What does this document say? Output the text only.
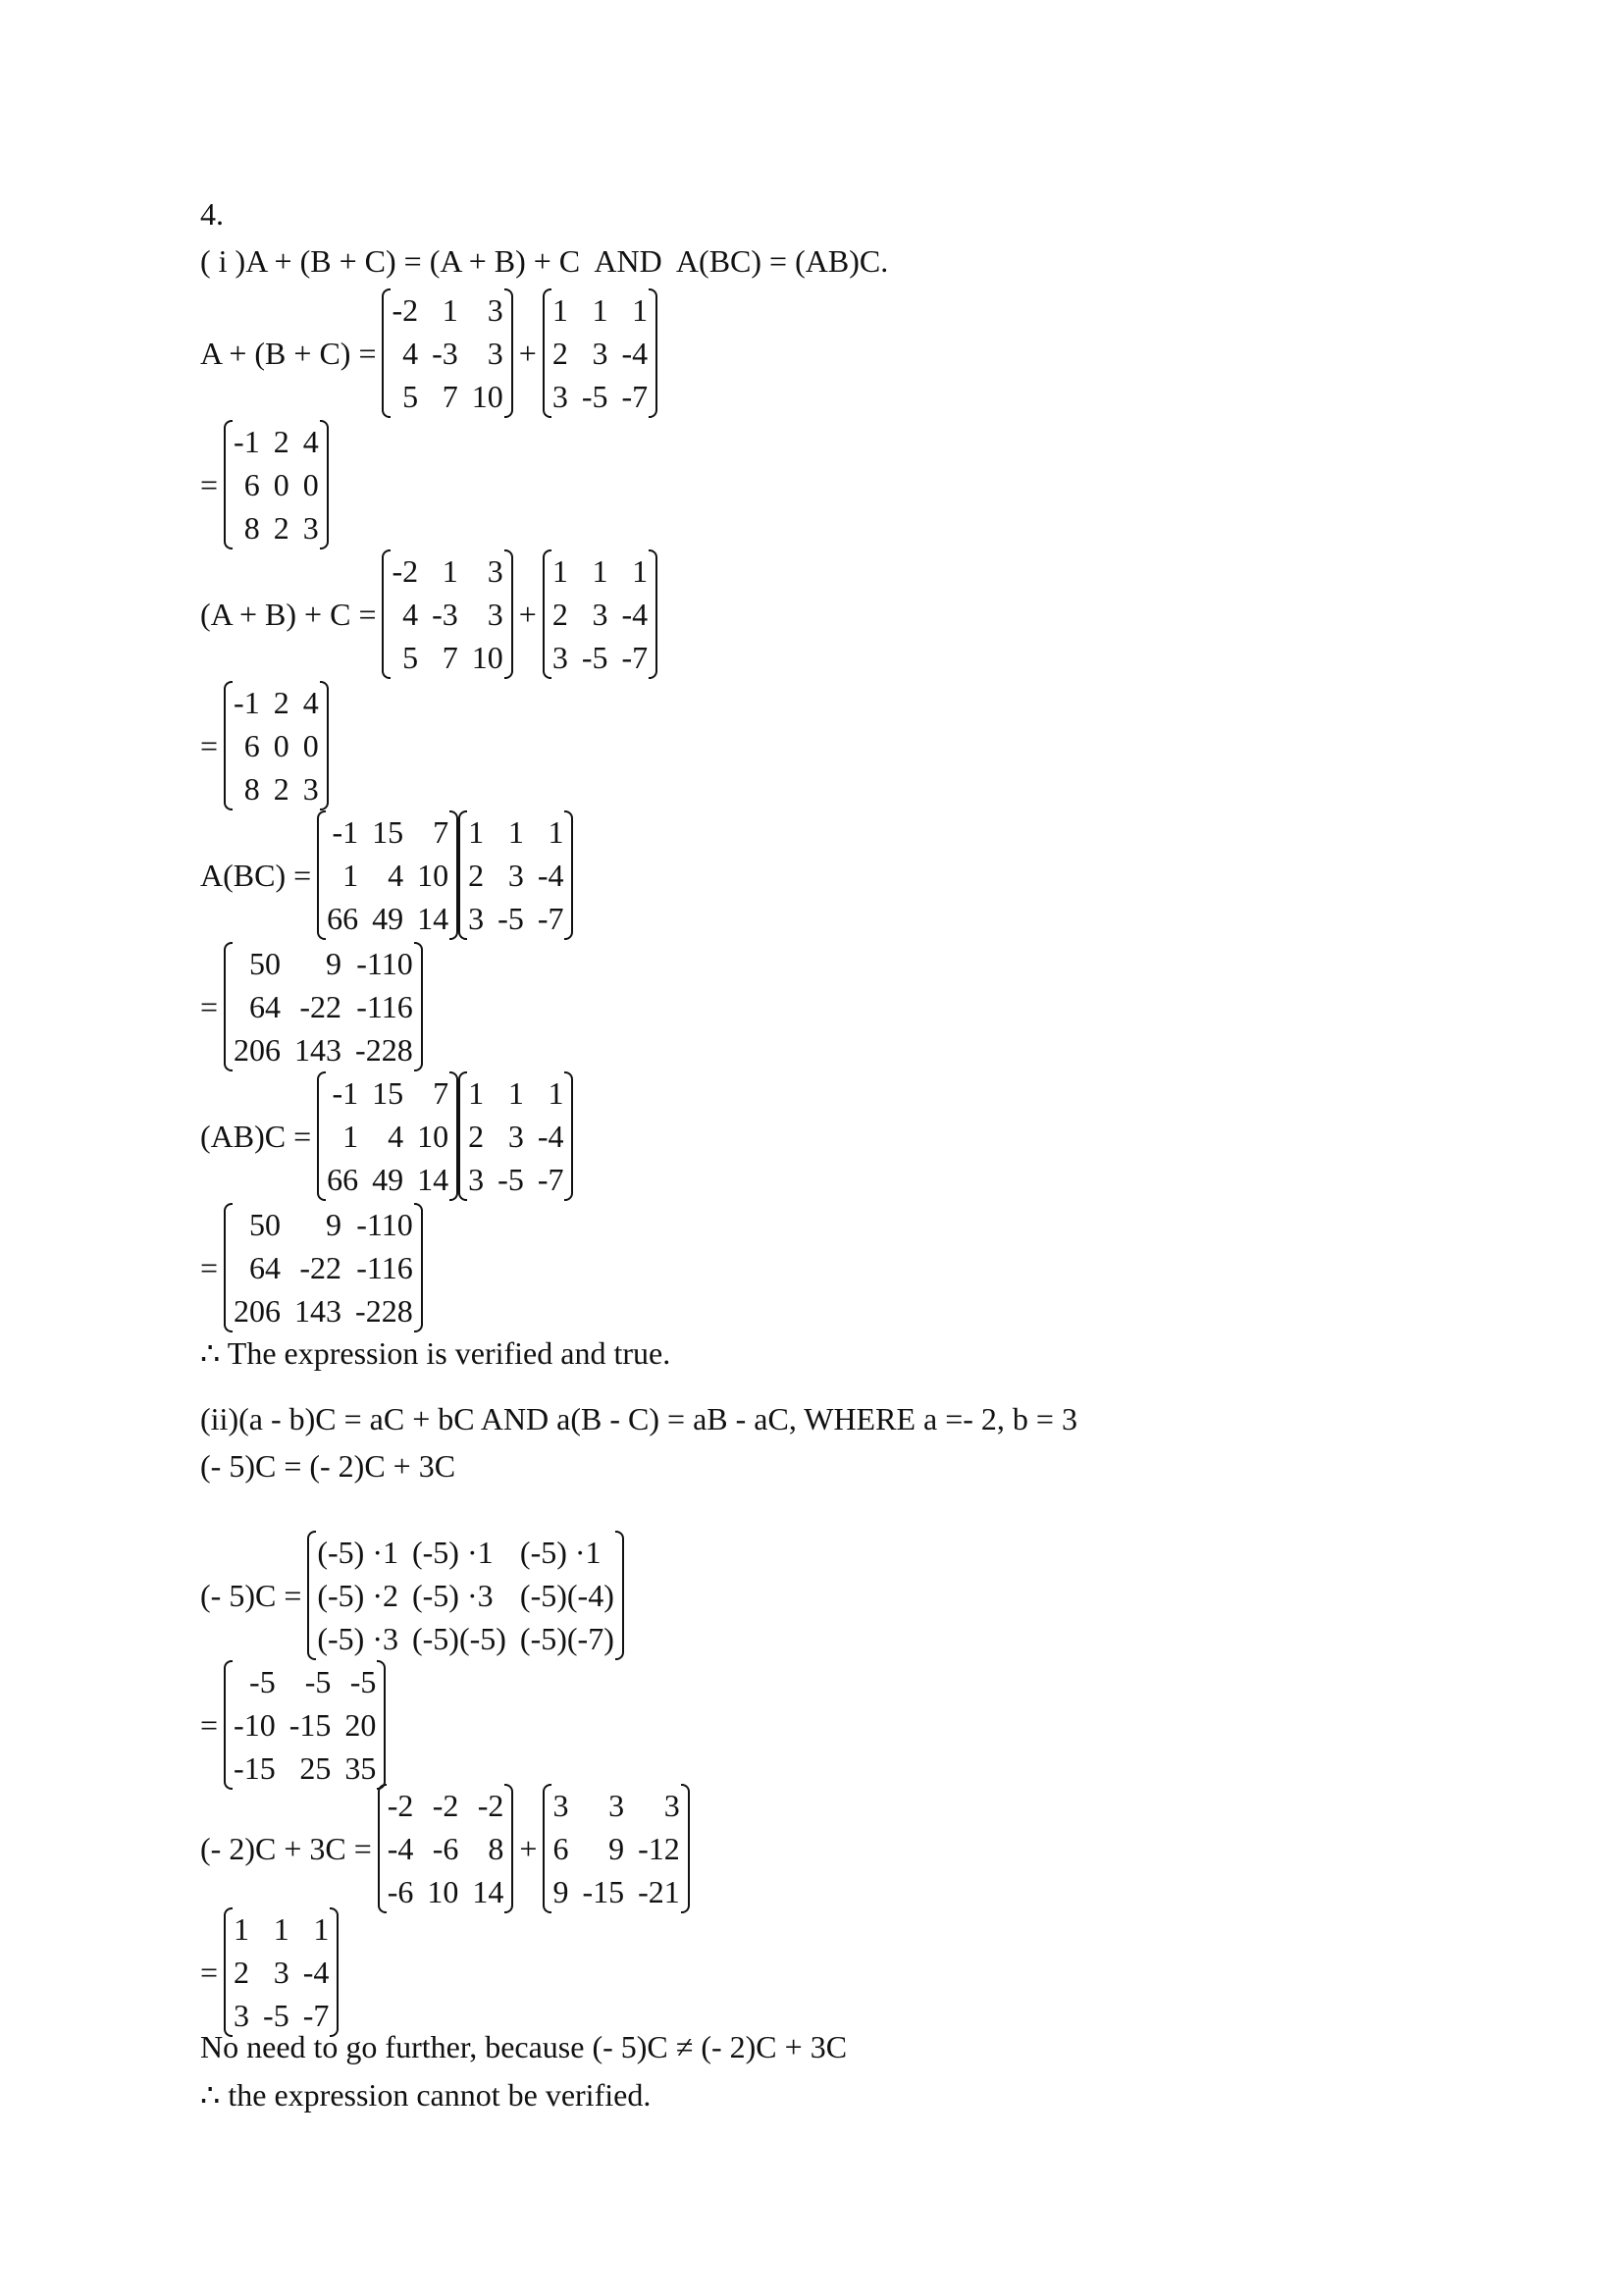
4.
( i )A + (B + C) = (A + B) + C  AND  A(BC) = (AB)C.
A + (B + C) =
-2 1 3
4 -3 3
5 7 10
+
1 1 1
2 3 -4
3 -5 -7
=
-1 2 4
6 0 0
8 2 3
(A + B) + C =
-2 1 3
4 -3 3
5 7 10
+
1 1 1
2 3 -4
3 -5 -7
=
-1 2 4
6 0 0
8 2 3
A(BC) =
-1 15 7
1 4 10
66 49 14
1 1 1
2 3 -4
3 -5 -7
=
50	9 -110
64 -22 -116
206 143 -228
(AB)C =
-1 15 7
1 4 10
66 49 14
1 1 1
2 3 -4
3 -5 -7
=
50	9 -110
64 -22 -116
206 143 -228
∴ The expression is verified and true.
(ii)(a - b)C = aC + bC AND a(B - C) = aB - aC, WHERE a =- 2, b = 3
(- 5)C = (- 2)C + 3C
(- 5)C =
(-5) ·1 (-5) ·1 (-5) ·1
(-5) ·2 (-5) ·3 (-5)(-4)
(-5) ·3 (-5)(-5) (-5)(-7)
=
-5 -5 -5
-10 -15 20
-15 25 35
(- 2)C + 3C =
-2 -2 -2
-4 -6 8
-6 10 14
+
3	3	3
6	9 -12
9 -15 -21
=
1 1 1
2 3 -4
3 -5 -7
No need to go further, because (- 5)C ≠ (- 2)C + 3C
∴ the expression cannot be verified.
